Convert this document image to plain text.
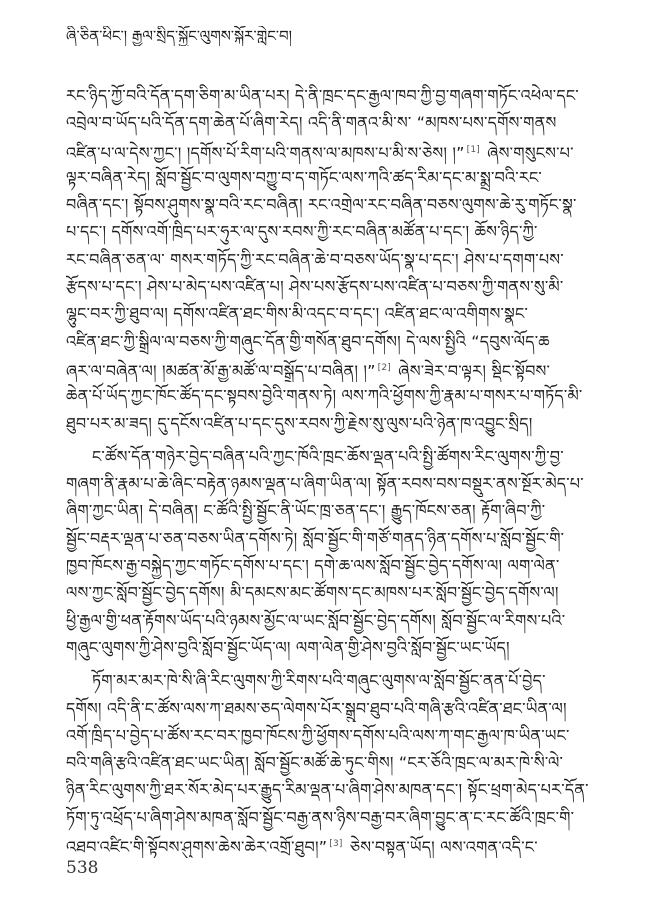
ཞི་ཅིན་ཕིང་། རྒྱལ་སྲིད་སྐྱོང་ལུགས་སྐོར་གླེང་བ།
རང་ཉིད་ཀྱོ་བའི་དོན་དག་ཅིག་མ་ཡིན་པར། དེ་ནི་ཁྲང་དང་རྒྱལ་ཁབ་ཀྱི་བྱ་གཞག་གཏོང་འཕེལ་དང་
འབྲེལ་བ་ཡོད་པའི་དོན་དག་ཆེན་པོ་ཞིག་རེད། འདི་ནི་གནའ་མི་ས་ “མཁས་པས་དགོས་གནས
འཛིན་པ་ལ་དེས་ཀྱང་། །དགོས་པོ་རིག་པའི་གནས་ལ་མཁས་པ་མི་ས་ཅེས། །” [1] ཞེས་གསུངས་པ་
ལྟར་བཞིན་རེད། སློབ་སྦྱོང་བ་ལུགས་བཀྱུ་བ་ད་གཏོང་ལས་ཀའི་ཚད་རིམ་དང་མ་སྨྲ་བའི་རང་
བཞིན་དང་། སྟོབས་ཤུགས་སྣ་བའི་རང་བཞིན། རང་འགྲེལ་རང་བཞིན་བཅས་ལུགས་ཆེ་རུ་གཏོང་སྣ་
པ་དང་། དགོས་འགོ་ཁྲིད་པར་ཧུར་ལ་དུས་རབས་ཀྱི་རང་བཞིན་མཚོན་པ་དང་། ཆོས་ཉིད་ཀྱི་
རང་བཞིན་ཅན་ལ་ གསར་གཏོད་ཀྱི་རང་བཞིན་ཆེ་བ་བཅས་ཡོད་སྣ་པ་དང་། ཤེས་པ་དགག་པས་
རྩོདས་པ་དང་། ཤེས་པ་མེད་པས་འཛིན་པ། ཤེས་པས་རྩོདས་པས་འཛིན་པ་བཅས་ཀྱི་གནས་སུ་མི་
ལྷུང་བར་ཀྱི་ཐུབ་ལ། དགོས་འཛིན་ཐང་གིས་མི་འདང་བ་དང་། འཛིན་ཐང་ལ་འགིགས་སྣང་
འཛིན་ཐང་ཀྱི་སྒྲིལ་ལ་བཅས་ཀྱི་གཞུང་དོན་གྱི་གསོན་ཐུབ་དགོས། དེ་ལས་སྤྱིའི “དབུས་ལོད་ཆ
ཞར་ལ་བཞེན་ལ། །མཚན་མོ་རྒྱ་མཚོ་ལ་བསྒྲོད་པ་བཞིན། །” [2] ཞེས་ཟེར་བ་ལྟར། སྡིང་སྟོབས་
ཆེན་པོ་ཡོད་ཀྱང་ཁོང་ཚོད་དང་སྟབས་བྱེའི་གནས་ཏེ། ལས་ཀའི་ཕྱོགས་ཀྱི་རྣམ་པ་གསར་པ་གཏོད་མི་
ཐུབ་པར་མ་ཟད། དུ་དངོས་འཛིན་པ་དང་དུས་རབས་ཀྱི་རྗེས་སུ་ལུས་པའི་ཉེན་ཁ་འབྱུང་སྲིད།
ང་ཚོས་དོན་གཉེར་བྱེད་བཞིན་པའི་ཀྱང་ཁོའི་ཁྲང་ཆོས་ལྡན་པའི་སྤྱི་ཚོགས་རིང་ལུགས་ཀྱི་བྱ་
གཞག་ནི་རྣམ་པ་ཆེ་ཞིང་བརྟེན་ཉམས་ལྡན་པ་ཞིག་ཡིན་ལ། སྟོན་རབས་བས་བསྡུར་ནས་སྔོར་མེད་པ་
ཞིག་ཀྱང་ཡིན། དེ་བཞིན། ང་ཚོའི་སྤྱི་སྦྱོང་ནི་ཡོང་ཁྲ་ཅན་དང་། རྒྱུད་ཁོངས་ཅན། རྟོག་ཞིབ་ཀྱི་
སྦྱོང་བརྡར་ལྡན་པ་ཅན་བཅས་ཡིན་དགོས་ཏེ། སློབ་སྦྱོང་གི་གཙོ་གནད་ཉིན་དགོས་པ་སློབ་སྦྱོང་གི་
ཁྱབ་ཁོངས་རྒྱ་བསྐྱེད་ཀྱང་གཏོང་དགོས་པ་དང་། དགེ་ཆ་ལས་སློབ་སྦྱོང་བྱེད་དགོས་ལ། ལག་ལེན་
ལས་ཀྱང་སློབ་སྦྱོང་བྱེད་དགོས། མི་དམངས་མང་ཚོགས་དང་མཁས་པར་སློབ་སྦྱོང་བྱེད་དགོས་ལ།
ཕྱི་རྒྱལ་གྱི་ཕན་རྟོགས་ཡོད་པའི་ཉམས་མྱོང་ལ་ཡང་སློབ་སྦྱོང་བྱེད་དགོས། སློབ་སྦྱོང་ལ་རིགས་པའི་
གཞུང་ལུགས་ཀྱི་ཤེས་བྱའི་སློབ་སྦྱོང་ཡོད་ལ། ལག་ལེན་གྱི་ཤེས་བྱའི་སློབ་སྦྱོང་ཡང་ཡོད།
ཏོག་མར་མར་ཁེ་སི་ཞི་རིང་ལུགས་ཀྱི་རིགས་པའི་གཞུང་ལུགས་ལ་སློབ་སྦྱོང་ནན་པོ་བྱེད་
དགོས། འདི་ནི་ང་ཚོས་ལས་ཀ་ཐམས་ཅད་ལེགས་པོར་སྒྲུབ་ཐུབ་པའི་གཞི་རྩའི་འཛིན་ཐང་ཡིན་ལ།
འགོ་ཁྲིད་པ་བྱེད་པ་ཚོས་རང་བར་ཁྱབ་ཁོངས་ཀྱི་ཕྱོགས་དགོས་པའི་ལས་ཀ་གང་རྒྱལ་ཁ་ཡིན་ཡང་
བའི་གཞི་རྩའི་འཛིན་ཐང་ཡང་ཡིན། སློབ་སྦྱོང་མཚོ་ཆེ་ཏུང་གིས། “ངར་ཅོའི་ཁྲང་ལ་མར་ཁེ་སི་ལེ་
ཉིན་རིང་ལུགས་ཀྱི་ཐར་སོར་མེད་པར་རྒྱུད་རིམ་ལྡན་པ་ཞིག་ཤེས་མཁན་དང་། སྟོང་ཕྲག་མེད་པར་དོན་
ཏོག་ཏུ་འཕྲོད་པ་ཞིག་ཤེས་མཁན་སློབ་སྦྱོང་བརྒྱ་ནས་ཉིས་བརྒྱ་བར་ཞིག་བྱུང་ན་ང་རང་ཚོའི་ཁྲང་གི་
འཐབ་འཛིང་གི་སྟོབས་ཤུགས་ཆེས་ཆེར་འགྲོ་ཐུབ།” [3] ཅེས་བསྟན་ཡོད། ལས་འགན་འདི་ང་
538
